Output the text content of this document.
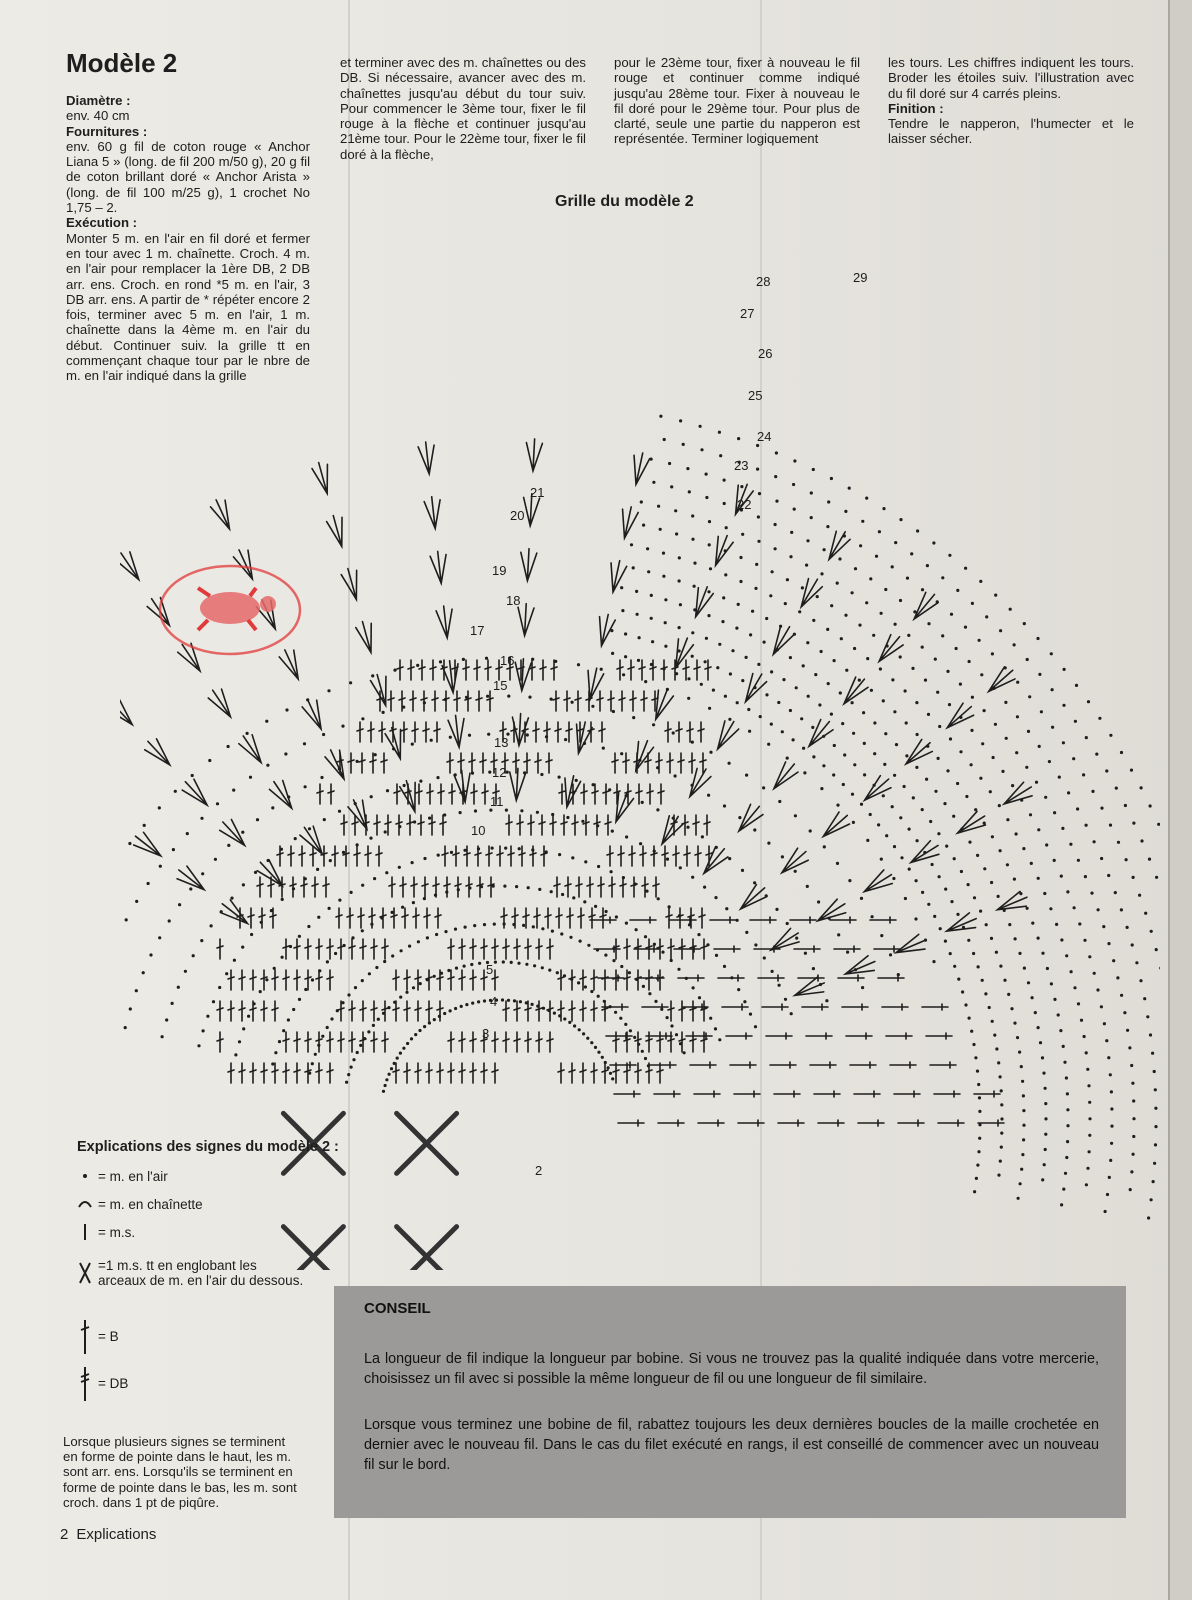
Modèle 2

Diamètre :

env. 40 cm

Fournitures :

env. 60 g fil de coton rouge « Anchor Liana 5 » (long. de fil 200 m/50 g), 20 g fil de coton brillant doré « Anchor Arista » (long. de fil 100 m/25 g), 1 crochet No 1,75 – 2.

Exécution :

Monter 5 m. en l'air en fil doré et fermer en tour avec 1 m. chaînette. Croch. 4 m. en l'air pour remplacer la 1ère DB, 2 DB arr. ens. Croch. en rond *5 m. en l'air, 3 DB arr. ens. A partir de * répéter encore 2 fois, terminer avec 5 m. en l'air, 1 m. chaînette dans la 4ème m. en l'air du début. Continuer suiv. la grille tt en commençant chaque tour par le nbre de m. en l'air indiqué dans la grille

et terminer avec des m. chaînettes ou des DB. Si nécessaire, avancer avec des m. chaînettes jusqu'au début du tour suiv. Pour commencer le 3ème tour, fixer le fil rouge à la flèche et continuer jusqu'au 21ème tour. Pour le 22ème tour, fixer le fil doré à la flèche,

pour le 23ème tour, fixer à nouveau le fil rouge et continuer comme indiqué jusqu'au 28ème tour. Fixer à nouveau le fil doré pour le 29ème tour. Pour plus de clarté, seule une partie du napperon est représentée. Terminer logiquement

les tours. Les chiffres indiquent les tours. Broder les étoiles suiv. l'illustration avec du fil doré sur 4 carrés pleins.

Finition :

Tendre le napperon, l'humecter et le laisser sécher.

Grille du modèle 2
2
3
4
5
10
11
12
13
15
16
17
18
19
20
21
22
23
24
25
26
27
28	29
Explications des signes du modèle 2 :
= m. en l'air
= m. en chaînette
= m.s.
=1 m.s. tt en englobant les
arceaux de m. en l'air du dessous.
= B
= DB
Lorsque plusieurs signes se terminent en forme de pointe dans le haut, les m. sont arr. ens. Lorsqu'ils se terminent en forme de pointe dans le bas, les m. sont croch. dans 1 pt de piqûre.
CONSEIL

La longueur de fil indique la longueur par bobine. Si vous ne trouvez pas la qualité indiquée dans votre mercerie, choisissez un fil avec si possible la même longueur de fil ou une longueur de fil similaire.

Lorsque vous terminez une bobine de fil, rabattez toujours les deux dernières boucles de la maille crochetée en dernier avec le nouveau fil. Dans le cas du filet exécuté en rangs, il est conseillé de commencer avec un nouveau fil sur le bord.

2 Explications
